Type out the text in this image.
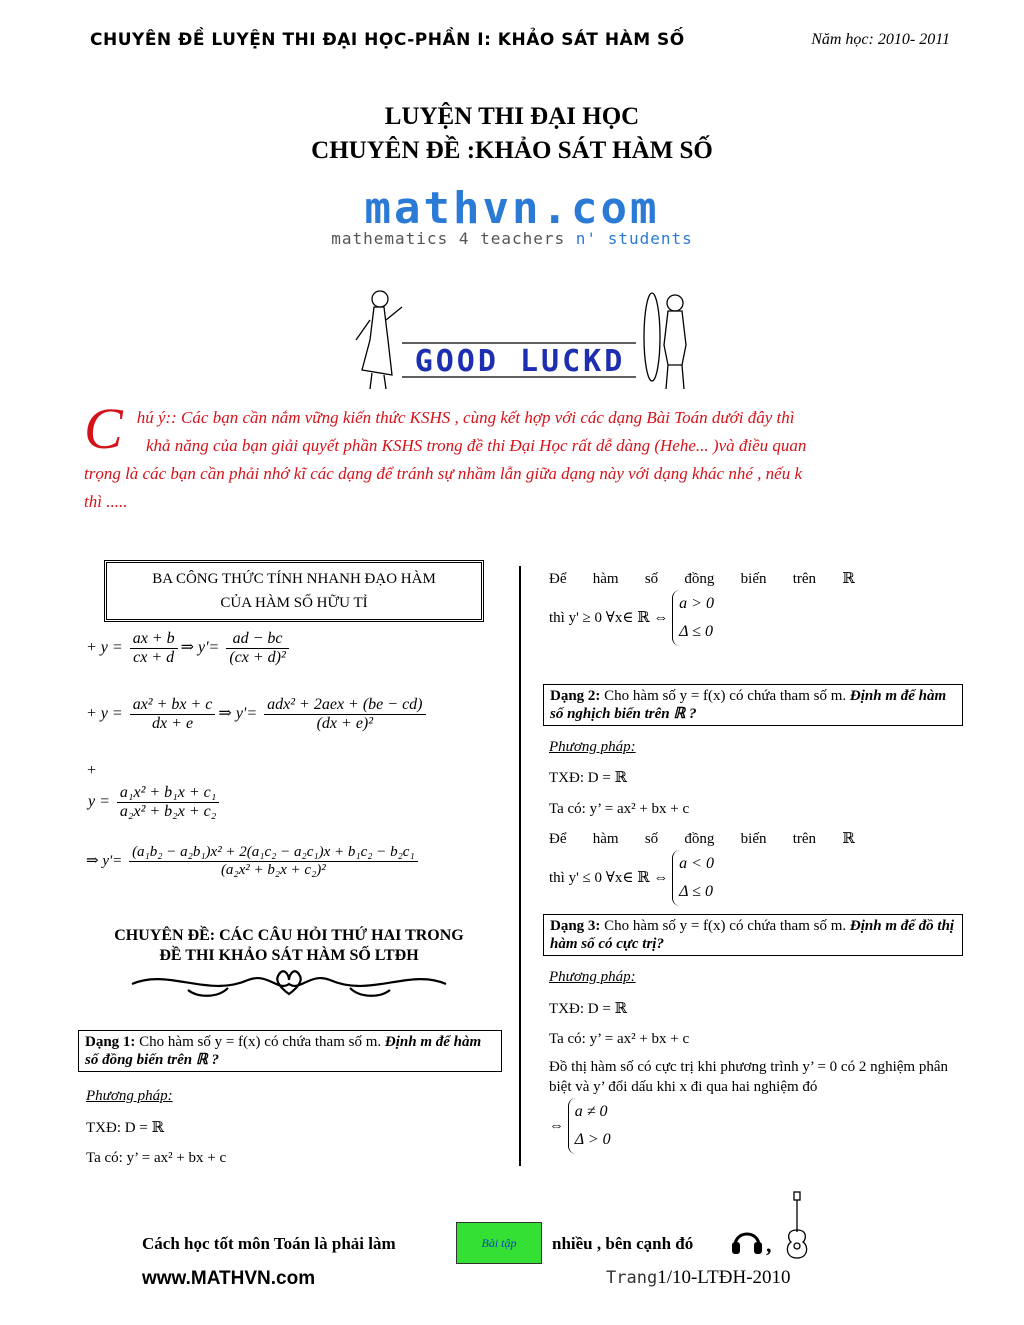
CHUYÊN ĐỀ LUYỆN THI ĐẠI HỌC-PHẦN I: KHẢO SÁT HÀM SỐ	Năm học: 2010- 2011
LUYỆN THI ĐẠI HỌC
CHUYÊN ĐỀ :KHẢO SÁT HÀM SỐ
mathvn.com
mathematics 4 teachers n' students
GOOD LUCKD
C hú ý:: Các bạn cần nắm vững kiến thức KSHS , cùng kết hợp với các dạng Bài Toán dưới đây thì
khả năng của bạn giải quyết phần KSHS trong đề thi Đại Học rất dễ dàng (Hehe... )và điều quan
trọng là các bạn cần phải nhớ kĩ các dạng để tránh sự nhầm lẫn giữa dạng này với dạng khác nhé , nếu k
thì .....
BA CÔNG THỨC TÍNH NHANH ĐẠO HÀM
CỦA HÀM SỐ HỮU TỈ
+ $y = \frac{ax + b}{cx + d}$ ⇒ $y'= \frac{ad - bc}{\text{(cx + d)²}}$
+ $y = \frac{\text{ax² + bx + c}}{dx + e}$ ⇒ $y'= \frac{\text{adx² + 2aex + (be − cd)}}{\text{(dx + e)²}}$
+
$y = \frac{\text{a₁x² + b₁x + c₁}}{\text{a₂x² + b₂x + c₂}}$
⇒ $y'= \frac{\text{(a₁b₂ − a₂b₁)x² + 2(a₁c₂ − a₂c₁)x + b₁c₂ − b₂c₁}}{\text{(a₂x² + b₂x + c₂)²}}$
CHUYÊN ĐỀ: CÁC CÂU HỎI THỨ HAI TRONG
ĐỀ THI KHẢO SÁT HÀM SỐ LTĐH
Dạng 1: Cho hàm số y = f(x) có chứa tham số m. Định m để hàm số đồng biến trên ℝ ?
Phương pháp:
TXĐ: D = ℝ
Ta có: y’ = ax² + bx + c
Để       hàm       số       đồng       biến       trên       ℝ
thì y' ≥ 0 ∀x∈ ℝ ⇔ a > 0
Δ ≤ 0
Dạng 2: Cho hàm số y = f(x) có chứa tham số m. Định m để hàm số nghịch biến trên ℝ ?
Phương pháp:
TXĐ: D = ℝ
Ta có: y’ = ax² + bx + c
Để       hàm       số       đồng       biến       trên       ℝ
thì y' ≤ 0 ∀x∈ ℝ ⇔ a < 0
Δ ≤ 0
Dạng 3: Cho hàm số y = f(x) có chứa tham số m. Định m để đồ thị hàm số có cực trị?
Phương pháp:
TXĐ: D = ℝ
Ta có: y’ = ax² + bx + c
Đồ thị hàm số có cực trị khi phương trình y’ = 0 có 2 nghiệm phân biệt và y’ đổi dấu khi x đi qua hai nghiệm đó
⇔ a ≠ 0
Δ > 0
Cách học tốt môn Toán là phải làm	Bài tập	nhiều , bên cạnh đó	,
www.MATHVN.com	Trang1/10-LTĐH-2010
